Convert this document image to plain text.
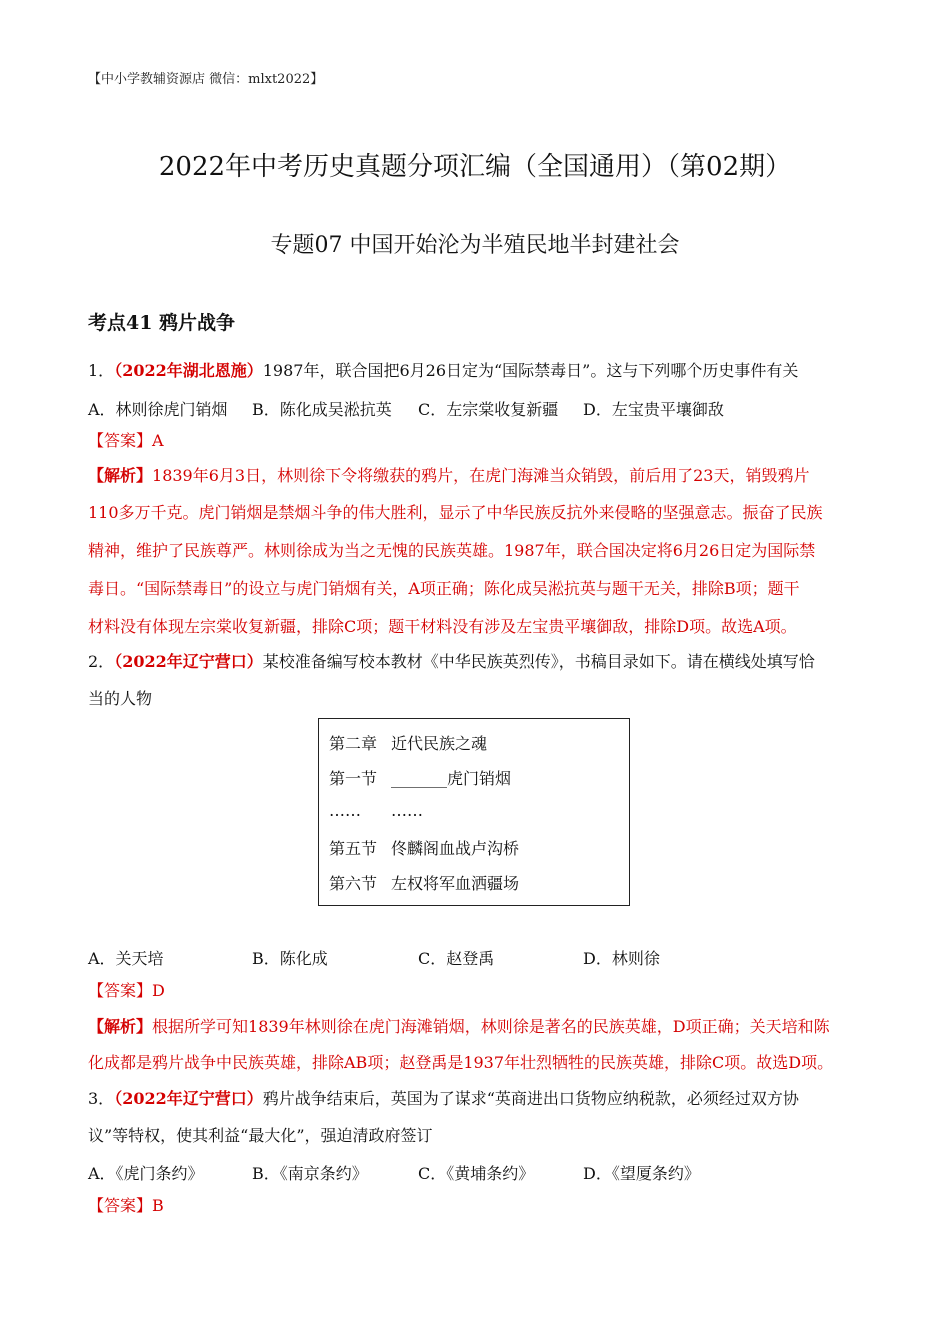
【中小学教辅资源店 微信：mlxt2022】
2022年中考历史真题分项汇编（全国通用）（第02期）
专题07 中国开始沦为半殖民地半封建社会
考点41 鸦片战争
1．（2022年湖北恩施）1987年，联合国把6月26日定为“国际禁毒日”。这与下列哪个历史事件有关
A．林则徐虎门销烟 B．陈化成吴淞抗英 C．左宗棠收复新疆 D．左宝贵平壤御敌
【答案】A
【解析】1839年6月3日，林则徐下令将缴获的鸦片，在虎门海滩当众销毁，前后用了23天，销毁鸦片
110多万千克。虎门销烟是禁烟斗争的伟大胜利，显示了中华民族反抗外来侵略的坚强意志。振奋了民族
精神，维护了民族尊严。林则徐成为当之无愧的民族英雄。1987年，联合国决定将6月26日定为国际禁
毒日。“国际禁毒日”的设立与虎门销烟有关，A项正确；陈化成吴淞抗英与题干无关，排除B项；题干
材料没有体现左宗棠收复新疆，排除C项；题干材料没有涉及左宝贵平壤御敌，排除D项。故选A项。
2．（2022年辽宁营口）某校准备编写校本教材《中华民族英烈传》，书稿目录如下。请在横线处填写恰
当的人物
第二章 近代民族之魂
第一节 _______虎门销烟
…… ……
第五节 佟麟阁血战卢沟桥
第六节 左权将军血洒疆场
A．关天培	B．陈化成	C．赵登禹	D．林则徐
【答案】D
【解析】根据所学可知1839年林则徐在虎门海滩销烟，林则徐是著名的民族英雄，D项正确；关天培和陈
化成都是鸦片战争中民族英雄，排除AB项；赵登禹是1937年壮烈牺牲的民族英雄，排除C项。故选D项。
3．（2022年辽宁营口）鸦片战争结束后，英国为了谋求“英商进出口货物应纳税款，必须经过双方协
议”等特权，使其利益“最大化”，强迫清政府签订
A．《虎门条约》	B．《南京条约》	C．《黄埔条约》	D．《望厦条约》
【答案】B
